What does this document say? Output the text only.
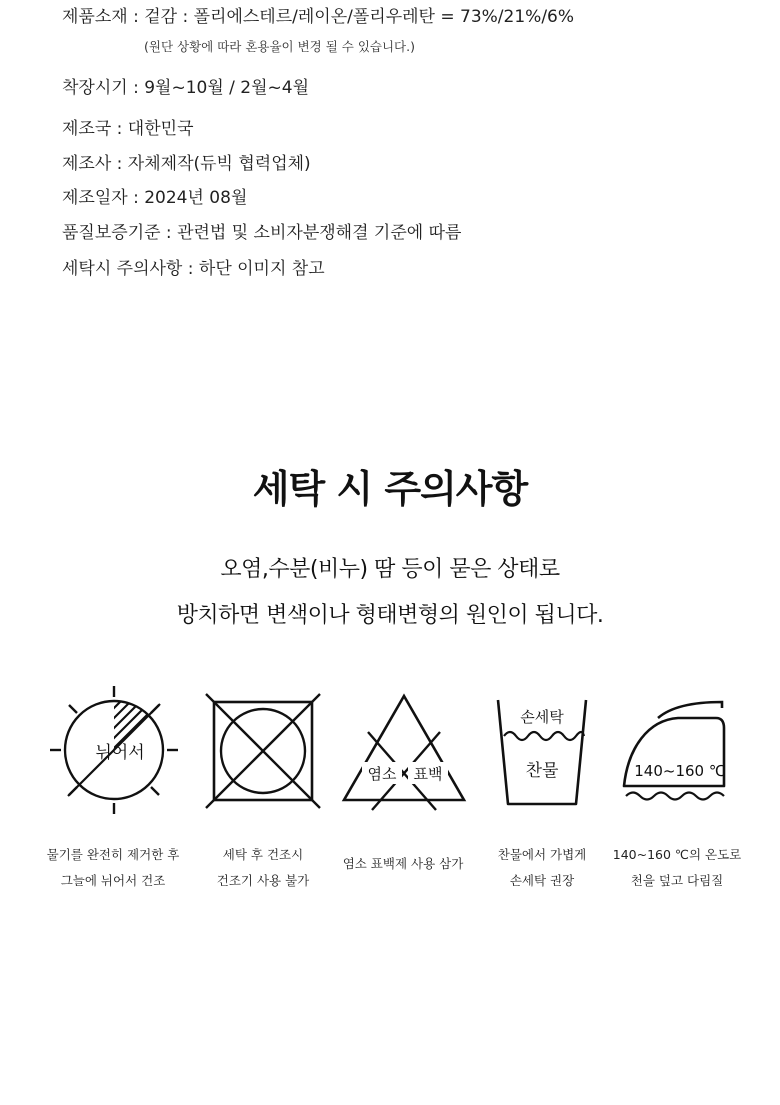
제품소재 : 겉감 : 폴리에스테르/레이온/폴리우레탄 = 73%/21%/6%
(원단 상황에 따라 혼용율이 변경 될 수 있습니다.)
착장시기 : 9월~10월 / 2월~4월
제조국 : 대한민국
제조사 : 자체제작(듀빅 협력업체)
제조일자 : 2024년 08월
품질보증기준 : 관련법 및 소비자분쟁해결 기준에 따름
세탁시 주의사항 : 하단 이미지 참고
세탁 시 주의사항
오염,수분(비누) 땀 등이 묻은 상태로
방치하면 변색이나 형태변형의 원인이 됩니다.
뉘어서
염소 표백
손세탁
찬물	140~160 ℃
물기를 완전히 제거한 후
그늘에 뉘어서 건조
세탁 후 건조시
건조기 사용 불가
염소 표백제 사용 삼가
찬물에서 가볍게
손세탁 권장
140~160 ℃의 온도로
천을 덮고 다림질
